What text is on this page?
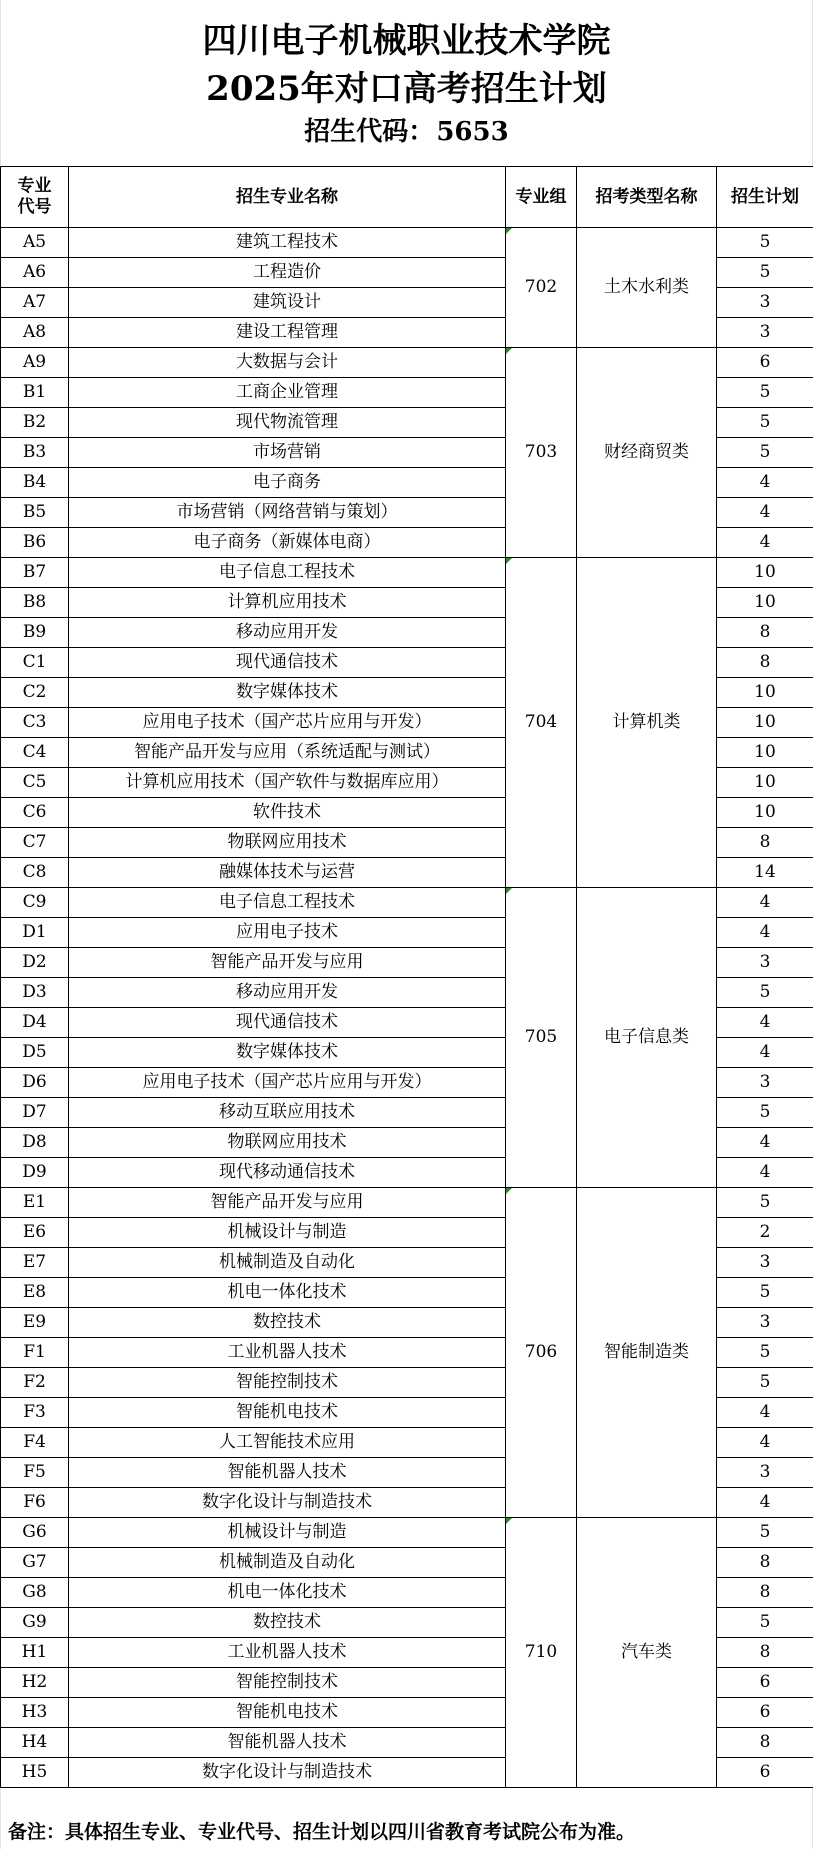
四川电子机械职业技术学院
2025年对口高考招生计划
招生代码：5653
专业
代号	招生专业名称	专业组	招考类型名称	招生计划
A5	建筑工程技术	702	土木水利类	5
A6	工程造价			5
A7	建筑设计			3
A8	建设工程管理			3
A9	大数据与会计	703	财经商贸类	6
B1	工商企业管理			5
B2	现代物流管理			5
B3	市场营销			5
B4	电子商务			4
B5	市场营销（网络营销与策划）			4
B6	电子商务（新媒体电商）			4
B7	电子信息工程技术	704	计算机类	10
B8	计算机应用技术			10
B9	移动应用开发			8
C1	现代通信技术			8
C2	数字媒体技术			10
C3	应用电子技术（国产芯片应用与开发）			10
C4	智能产品开发与应用（系统适配与测试）			10
C5	计算机应用技术（国产软件与数据库应用）			10
C6	软件技术			10
C7	物联网应用技术			8
C8	融媒体技术与运营			14
C9	电子信息工程技术	705	电子信息类	4
D1	应用电子技术			4
D2	智能产品开发与应用			3
D3	移动应用开发			5
D4	现代通信技术			4
D5	数字媒体技术			4
D6	应用电子技术（国产芯片应用与开发）			3
D7	移动互联应用技术			5
D8	物联网应用技术			4
D9	现代移动通信技术			4
E1	智能产品开发与应用	706	智能制造类	5
E6	机械设计与制造			2
E7	机械制造及自动化			3
E8	机电一体化技术			5
E9	数控技术			3
F1	工业机器人技术			5
F2	智能控制技术			5
F3	智能机电技术			4
F4	人工智能技术应用			4
F5	智能机器人技术			3
F6	数字化设计与制造技术			4
G6	机械设计与制造	710	汽车类	5
G7	机械制造及自动化			8
G8	机电一体化技术			8
G9	数控技术			5
H1	工业机器人技术			8
H2	智能控制技术			6
H3	智能机电技术			6
H4	智能机器人技术			8
H5	数字化设计与制造技术			6
备注：具体招生专业、专业代号、招生计划以四川省教育考试院公布为准。
